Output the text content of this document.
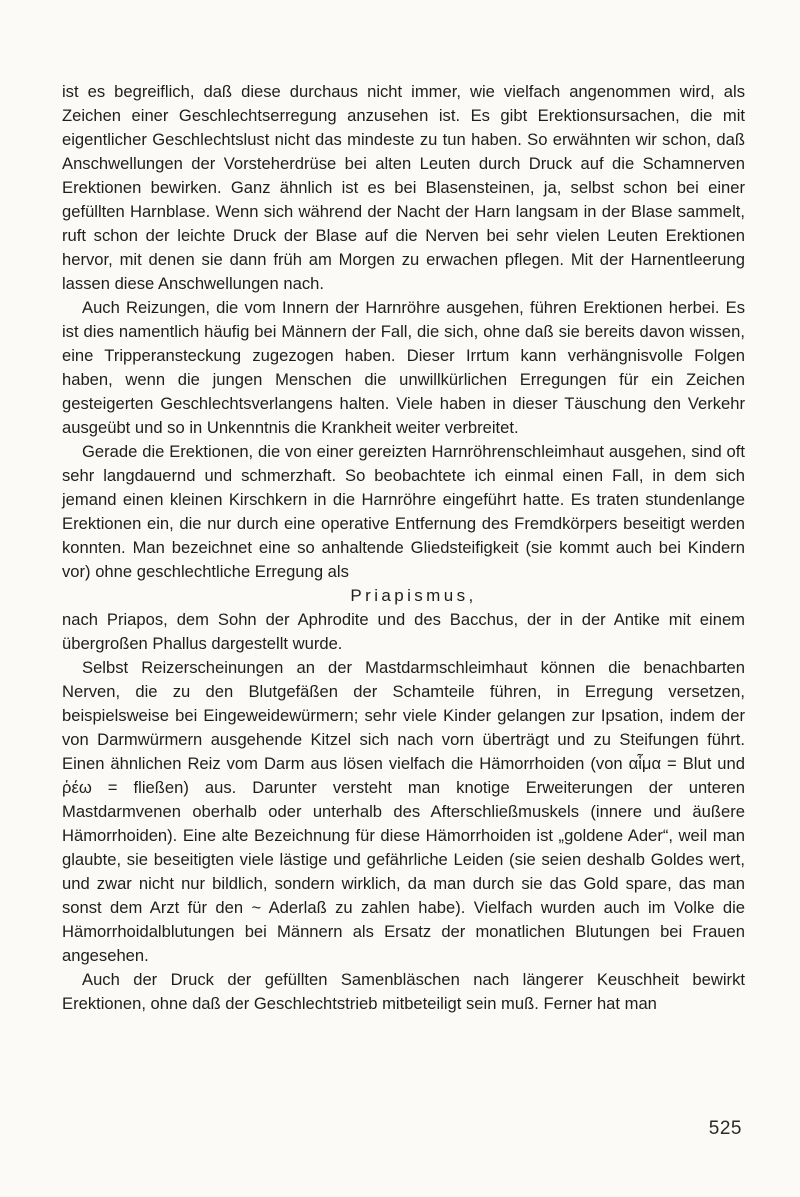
ist es begreiflich, daß diese durchaus nicht immer, wie vielfach angenommen wird, als Zeichen einer Geschlechtserregung anzusehen ist. Es gibt Erektionsursachen, die mit eigentlicher Geschlechtslust nicht das mindeste zu tun haben. So erwähnten wir schon, daß Anschwellungen der Vorsteherdrüse bei alten Leuten durch Druck auf die Schamnerven Erektionen bewirken. Ganz ähnlich ist es bei Blasensteinen, ja, selbst schon bei einer gefüllten Harnblase. Wenn sich während der Nacht der Harn langsam in der Blase sammelt, ruft schon der leichte Druck der Blase auf die Nerven bei sehr vielen Leuten Erektionen hervor, mit denen sie dann früh am Morgen zu erwachen pflegen. Mit der Harnentleerung lassen diese Anschwellungen nach.

Auch Reizungen, die vom Innern der Harnröhre ausgehen, führen Erektionen herbei. Es ist dies namentlich häufig bei Männern der Fall, die sich, ohne daß sie bereits davon wissen, eine Tripperansteckung zugezogen haben. Dieser Irrtum kann verhängnisvolle Folgen haben, wenn die jungen Menschen die unwillkürlichen Erregungen für ein Zeichen gesteigerten Geschlechtsverlangens halten. Viele haben in dieser Täuschung den Verkehr ausgeübt und so in Unkenntnis die Krankheit weiter verbreitet.

Gerade die Erektionen, die von einer gereizten Harnröhrenschleimhaut ausgehen, sind oft sehr langdauernd und schmerzhaft. So beobachtete ich einmal einen Fall, in dem sich jemand einen kleinen Kirschkern in die Harnröhre eingeführt hatte. Es traten stundenlange Erektionen ein, die nur durch eine operative Entfernung des Fremdkörpers beseitigt werden konnten. Man bezeichnet eine so anhaltende Gliedsteifigkeit (sie kommt auch bei Kindern vor) ohne geschlechtliche Erregung als

Priapismus,

nach Priapos, dem Sohn der Aphrodite und des Bacchus, der in der Antike mit einem übergroßen Phallus dargestellt wurde.

Selbst Reizerscheinungen an der Mastdarmschleimhaut können die benachbarten Nerven, die zu den Blutgefäßen der Schamteile führen, in Erregung versetzen, beispielsweise bei Eingeweidewürmern; sehr viele Kinder gelangen zur Ipsation, indem der von Darmwürmern ausgehende Kitzel sich nach vorn überträgt und zu Steifungen führt. Einen ähnlichen Reiz vom Darm aus lösen vielfach die Hämorrhoiden (von αἷμα = Blut und ῥέω = fließen) aus. Darunter versteht man knotige Erweiterungen der unteren Mastdarmvenen oberhalb oder unterhalb des Afterschließmuskels (innere und äußere Hämorrhoiden). Eine alte Bezeichnung für diese Hämorrhoiden ist „goldene Ader“, weil man glaubte, sie beseitigten viele lästige und gefährliche Leiden (sie seien deshalb Goldes wert, und zwar nicht nur bildlich, sondern wirklich, da man durch sie das Gold spare, das man sonst dem Arzt für den ~ Aderlaß zu zahlen habe). Vielfach wurden auch im Volke die Hämorrhoidalblutungen bei Männern als Ersatz der monatlichen Blutungen bei Frauen angesehen.

Auch der Druck der gefüllten Samenbläschen nach längerer Keuschheit bewirkt Erektionen, ohne daß der Geschlechtstrieb mitbeteiligt sein muß. Ferner hat man

525
